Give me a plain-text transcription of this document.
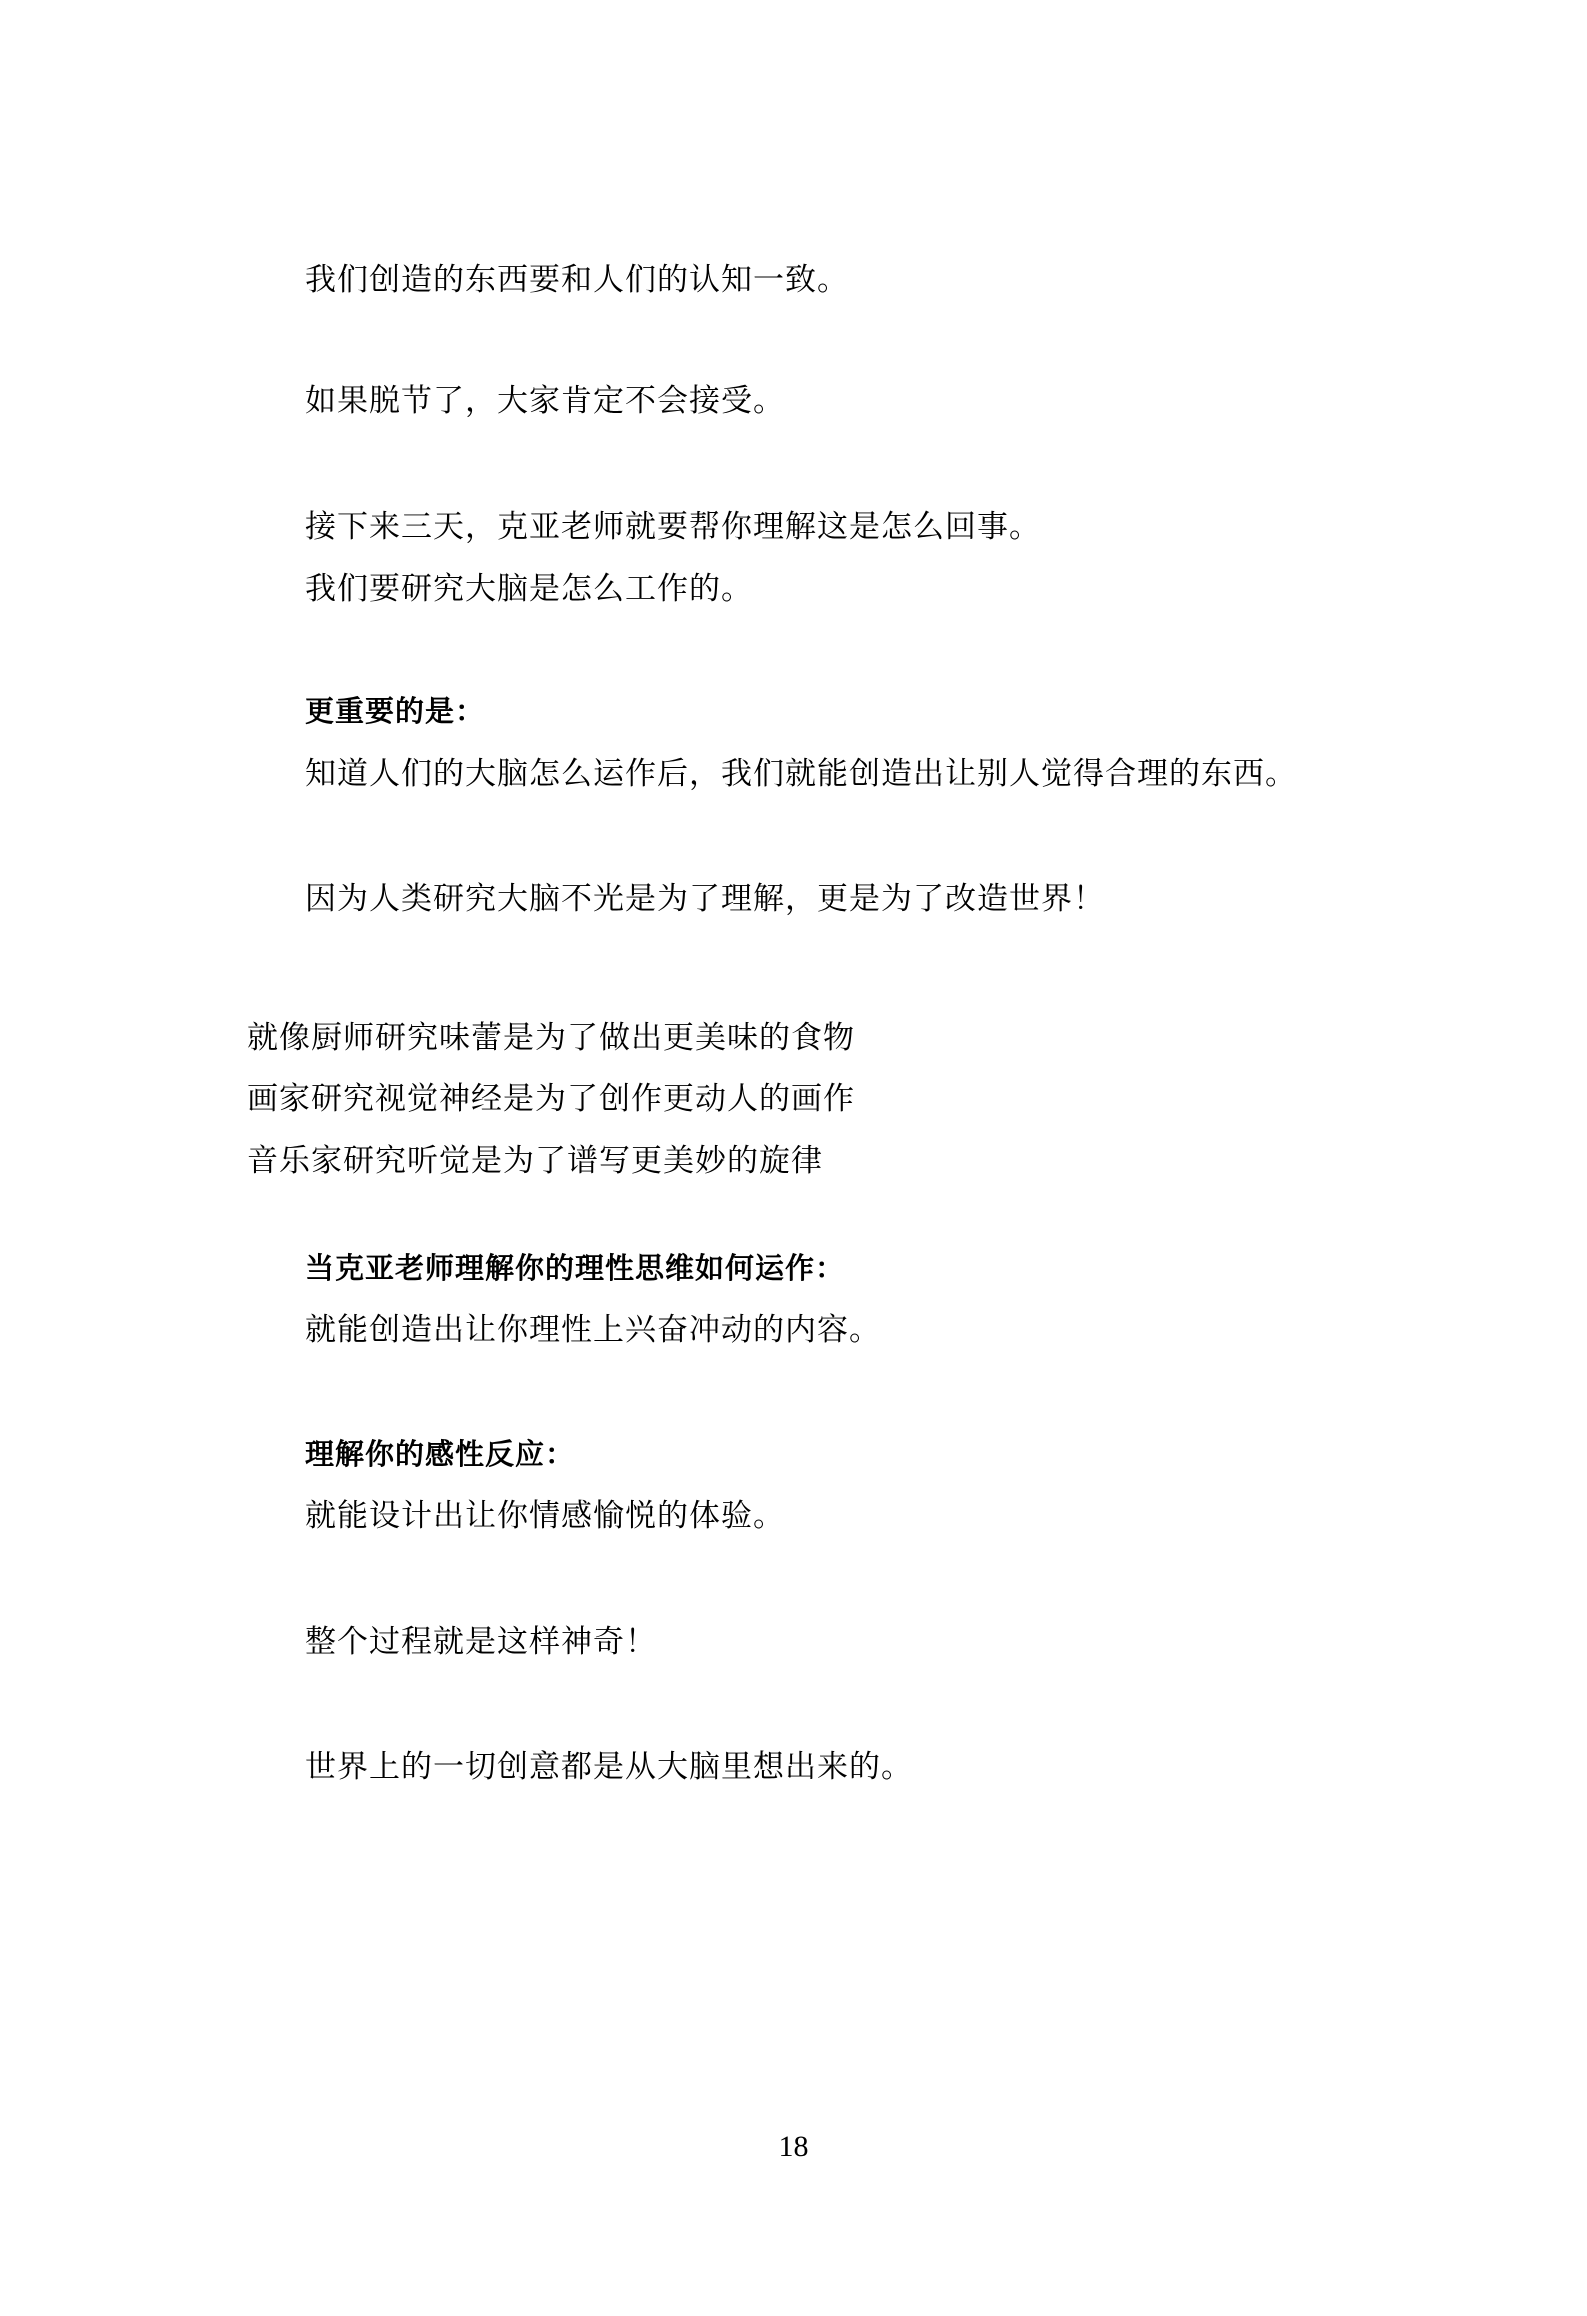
我们创造的东西要和人们的认知一致。

如果脱节了，大家肯定不会接受。

接下来三天，克亚老师就要帮你理解这是怎么回事。

我们要研究大脑是怎么工作的。

更重要的是：

知道人们的大脑怎么运作后，我们就能创造出让别人觉得合理的东西。

因为人类研究大脑不光是为了理解，更是为了改造世界！

就像厨师研究味蕾是为了做出更美味的食物

画家研究视觉神经是为了创作更动人的画作

音乐家研究听觉是为了谱写更美妙的旋律

当克亚老师理解你的理性思维如何运作：

就能创造出让你理性上兴奋冲动的内容。

理解你的感性反应：

就能设计出让你情感愉悦的体验。

整个过程就是这样神奇！

世界上的一切创意都是从大脑里想出来的。

18
